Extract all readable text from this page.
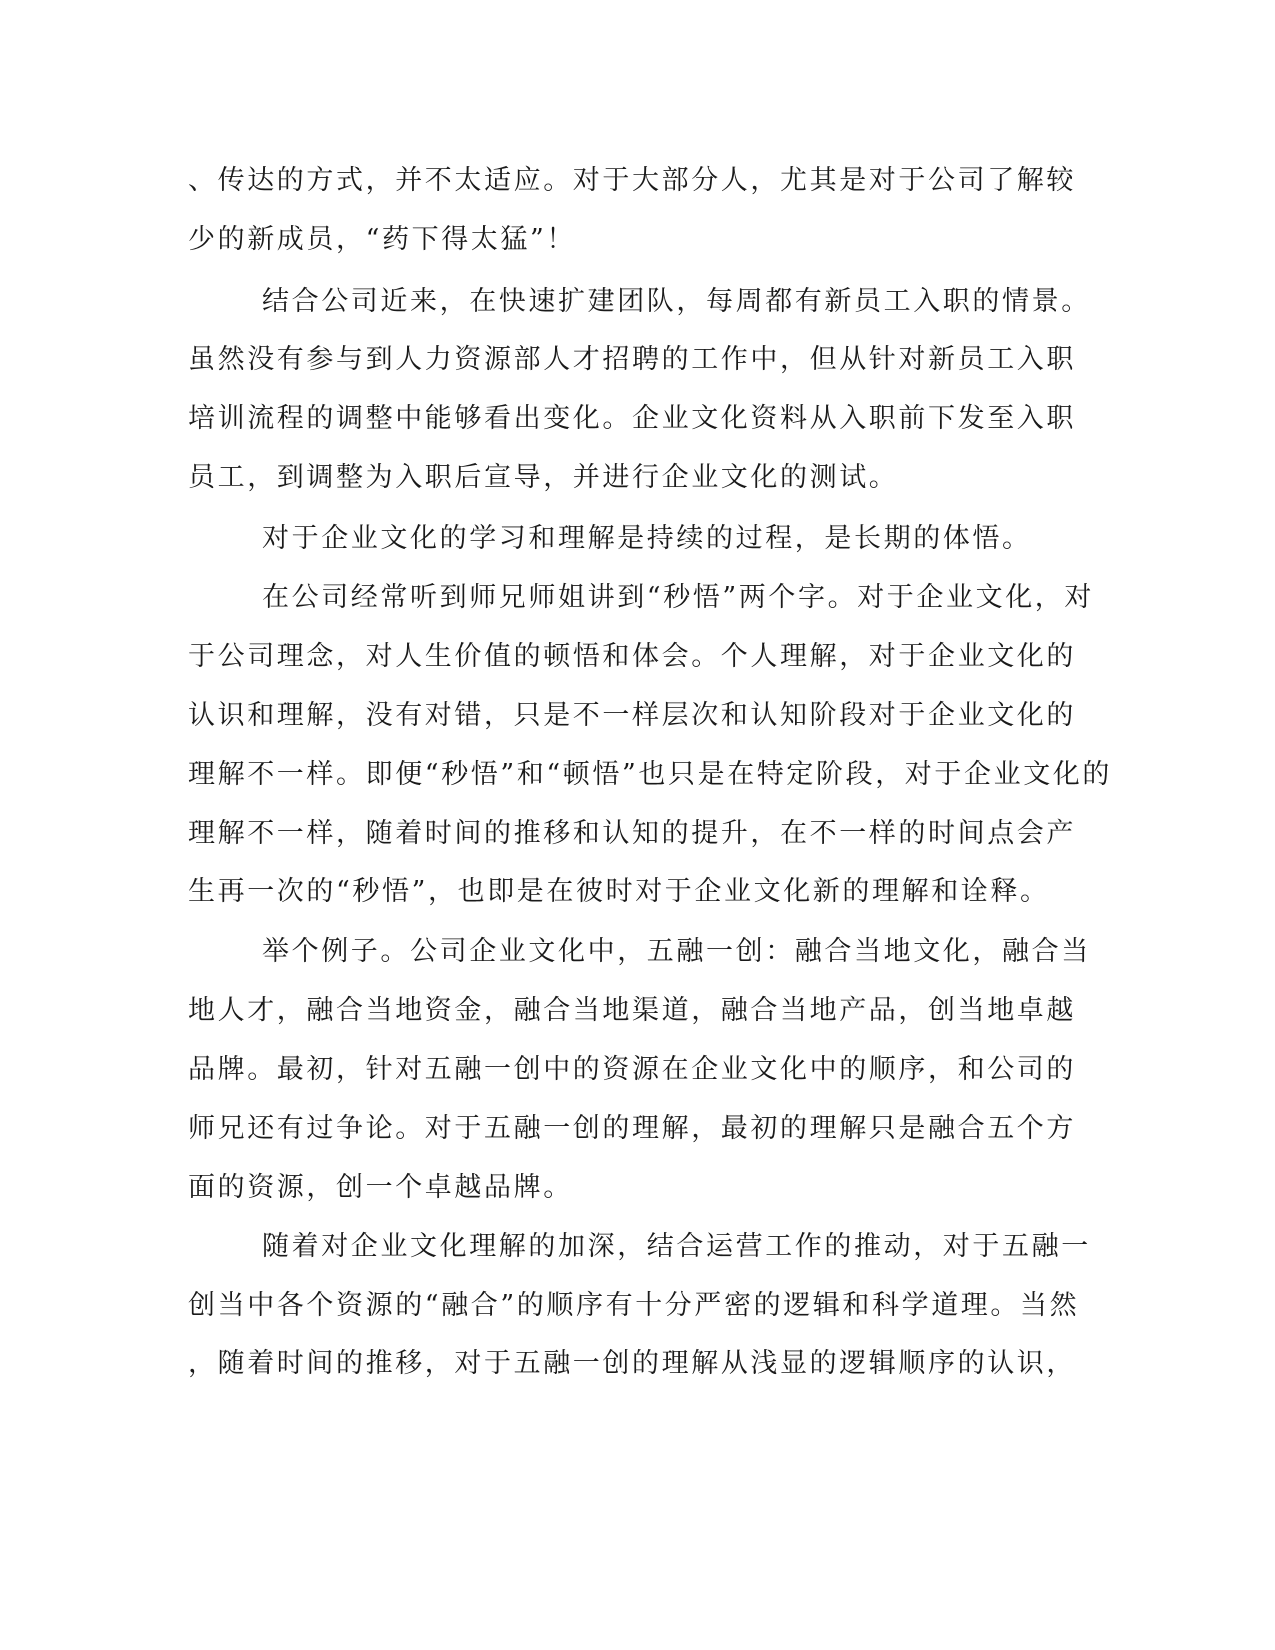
、传达的方式，并不太适应。对于大部分人，尤其是对于公司了解较
少的新成员，“药下得太猛”！
结合公司近来，在快速扩建团队，每周都有新员工入职的情景。
虽然没有参与到人力资源部人才招聘的工作中，但从针对新员工入职
培训流程的调整中能够看出变化。企业文化资料从入职前下发至入职
员工，到调整为入职后宣导，并进行企业文化的测试。
对于企业文化的学习和理解是持续的过程，是长期的体悟。
在公司经常听到师兄师姐讲到“秒悟”两个字。对于企业文化，对
于公司理念，对人生价值的顿悟和体会。个人理解，对于企业文化的
认识和理解，没有对错，只是不一样层次和认知阶段对于企业文化的
理解不一样。即便“秒悟”和“顿悟”也只是在特定阶段，对于企业文化的
理解不一样，随着时间的推移和认知的提升，在不一样的时间点会产
生再一次的“秒悟”，也即是在彼时对于企业文化新的理解和诠释。
举个例子。公司企业文化中，五融一创：融合当地文化，融合当
地人才，融合当地资金，融合当地渠道，融合当地产品，创当地卓越
品牌。最初，针对五融一创中的资源在企业文化中的顺序，和公司的
师兄还有过争论。对于五融一创的理解，最初的理解只是融合五个方
面的资源，创一个卓越品牌。
随着对企业文化理解的加深，结合运营工作的推动，对于五融一
创当中各个资源的“融合”的顺序有十分严密的逻辑和科学道理。当然
，随着时间的推移，对于五融一创的理解从浅显的逻辑顺序的认识，
